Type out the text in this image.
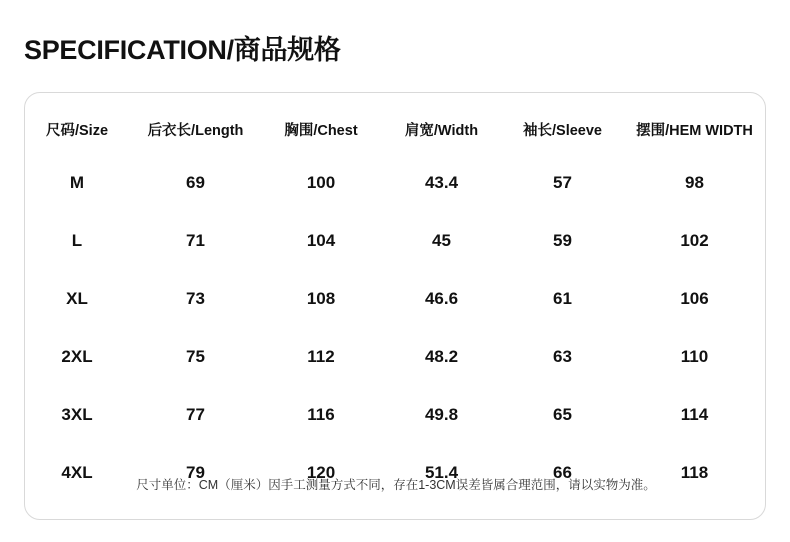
SPECIFICATION/商品规格
尺码/Size	后衣长/Length	胸围/Chest	肩宽/Width	袖长/Sleeve	摆围/HEM WIDTH
M	69	100	43.4	57	98
L	71	104	45	59	102
XL	73	108	46.6	61	106
2XL	75	112	48.2	63	110
3XL	77	116	49.8	65	114
4XL	79	120	51.4	66	118
尺寸单位：CM（厘米）因手工测量方式不同，存在1-3CM误差皆属合理范围，请以实物为准。
